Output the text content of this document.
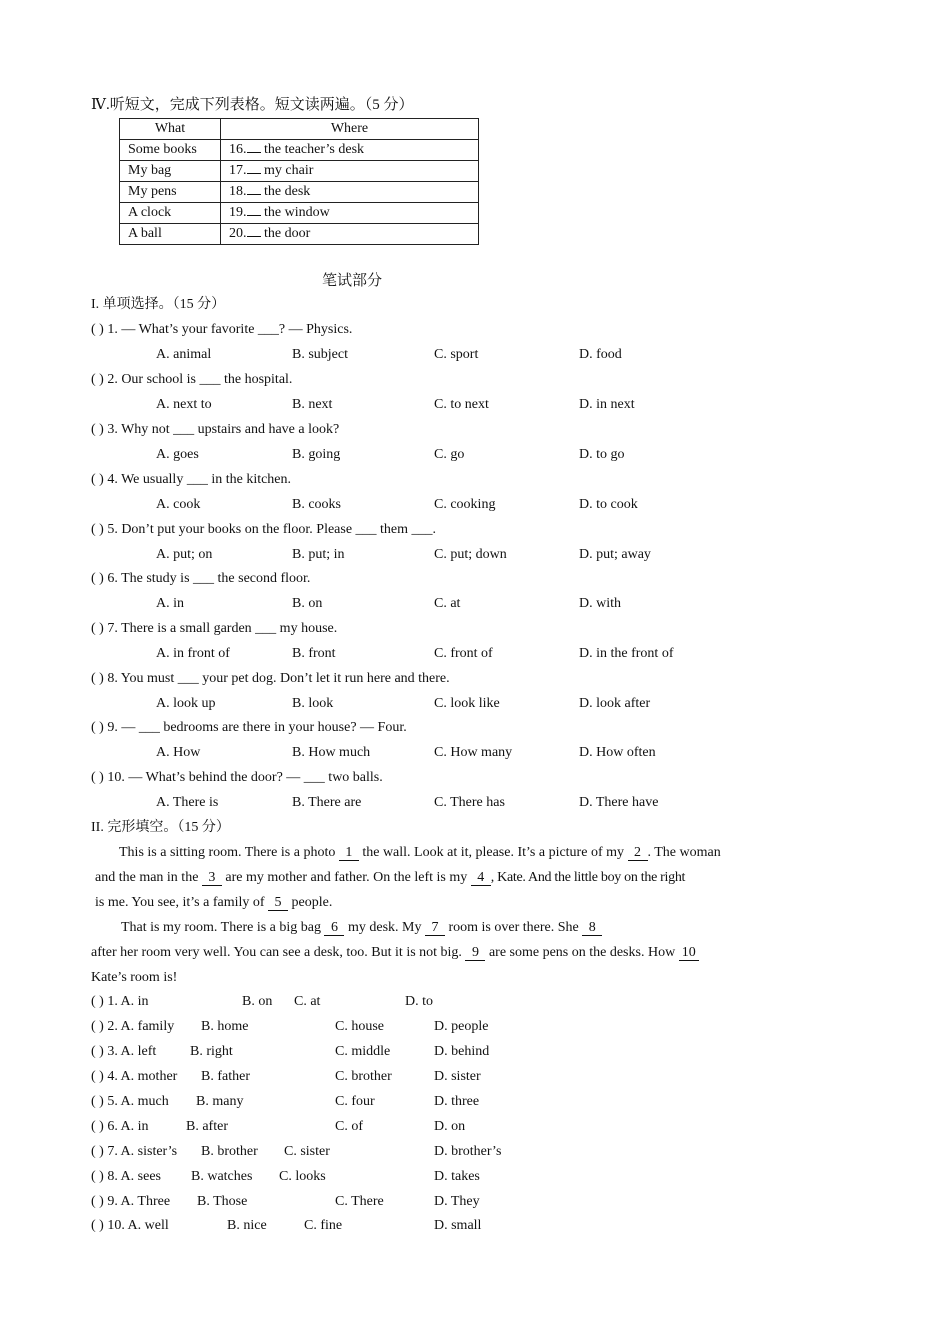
Ⅳ.听短文，完成下列表格。短文读两遍。（5 分）
What	Where
Some books	16. the teacher’s desk
My bag	17. my chair
My pens	18. the desk
A clock	19. the window
A ball	20. the door
笔试部分
I. 单项选择。（15 分）
( ) 1. — What’s your favorite ___? — Physics.
A. animal	B. subject	C. sport	D. food
( ) 2. Our school is ___ the hospital.
A. next to	B. next	C. to next	D. in next
( ) 3. Why not ___ upstairs and have a look?
A. goes	B. going	C. go	D. to go
( ) 4. We usually ___ in the kitchen.
A. cook	B. cooks	C. cooking	D. to cook
( ) 5. Don’t put your books on the floor. Please ___ them ___.
A. put; on	B. put; in	C. put; down	D. put; away
( ) 6. The study is ___ the second floor.
A. in	B. on	C. at	D. with
( ) 7. There is a small garden ___ my house.
A. in front of	B. front	C. front of	D. in the front of
( ) 8. You must ___ your pet dog. Don’t let it run here and there.
A. look up	B. look	C. look like	D. look after
( ) 9. — ___ bedrooms are there in your house? — Four.
A. How	B. How much	C. How many	D. How often
( ) 10. — What’s behind the door? — ___ two balls.
A. There is	B. There are	C. There has	D. There have
II. 完形填空。（15 分）
This is a sitting room. There is a photo 1 the wall. Look at it, please. It’s a picture of my 2 . The woman
and the man in the 3 are my mother and father. On the left is my 4 , Kate. And the little boy on the right
is me. You see, it’s a family of 5 people.
That is my room. There is a big bag 6 my desk. My 7 room is over there. She 8
after her room very well. You can see a desk, too. But it is not big. 9 are some pens on the desks. How 10
Kate’s room is!
( ) 1. A. in	B. on C. at	D. to
( ) 2. A. family B. home	C. house	D. people
( ) 3. A. left B. right	C. middle	D. behind
( ) 4. A. mother B. father	C. brother	D. sister
( ) 5. A. much B. many	C. four	D. three
( ) 6. A. in	B. after	C. of	D. on
( ) 7. A. sister’s B. brother C. sister	D. brother’s
( ) 8. A. sees B. watches C. looks	D. takes
( ) 9. A. Three B. Those	C. There	D. They
( ) 10. A. well	B. nice	C. fine	D. small
